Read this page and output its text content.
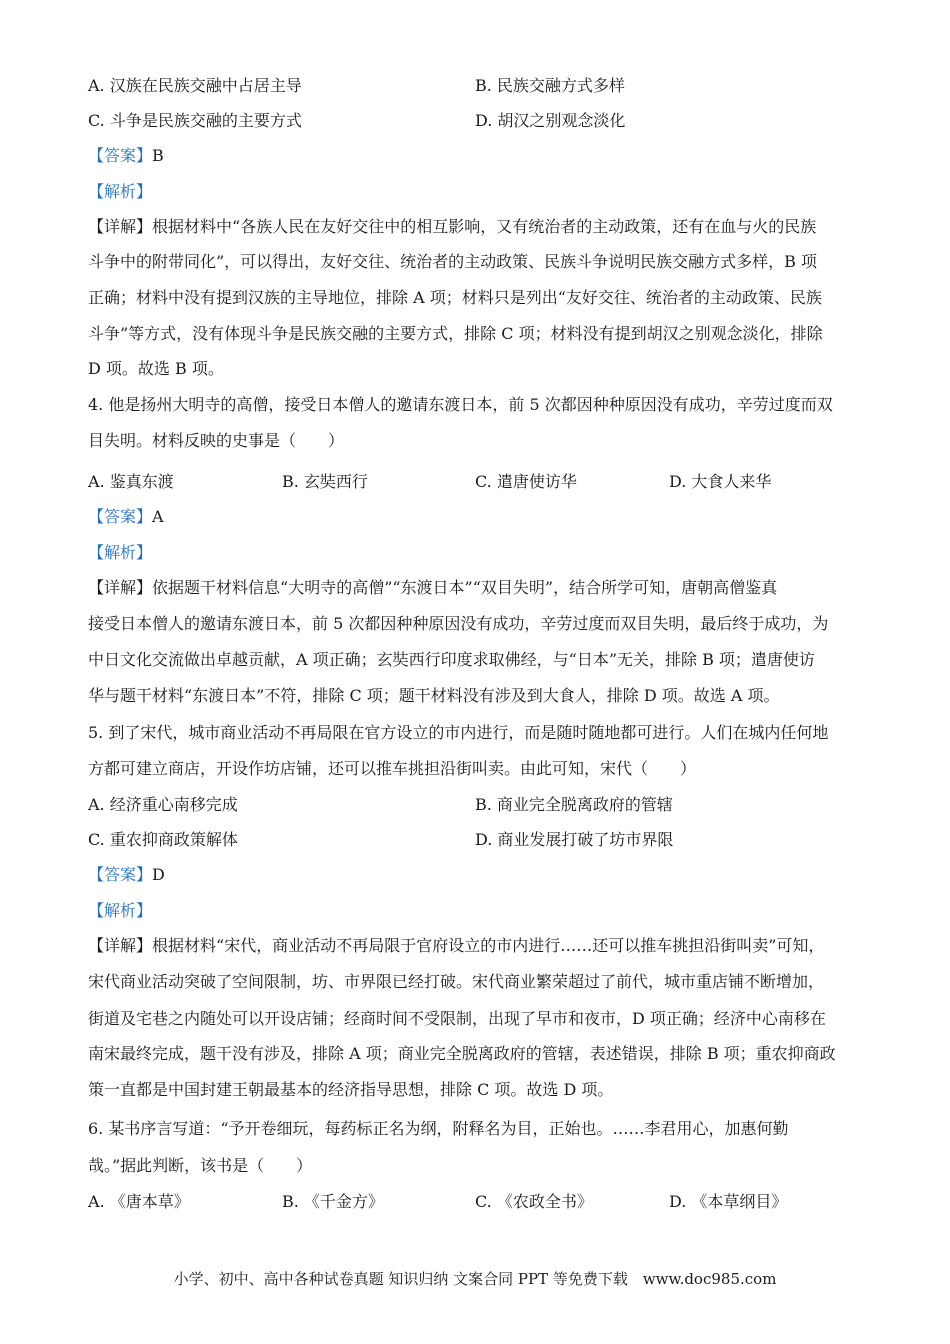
A. 汉族在民族交融中占居主导	B. 民族交融方式多样
C. 斗争是民族交融的主要方式	D. 胡汉之别观念淡化
【答案】B
【解析】
【详解】根据材料中“各族人民在友好交往中的相互影响，又有统治者的主动政策，还有在血与火的民族
斗争中的附带同化”，可以得出，友好交往、统治者的主动政策、民族斗争说明民族交融方式多样，B 项
正确；材料中没有提到汉族的主导地位，排除 A 项；材料只是列出“友好交往、统治者的主动政策、民族
斗争”等方式，没有体现斗争是民族交融的主要方式，排除 C 项；材料没有提到胡汉之别观念淡化，排除
D 项。故选 B 项。
4. 他是扬州大明寺的高僧，接受日本僧人的邀请东渡日本，前 5 次都因种种原因没有成功，辛劳过度而双
目失明。材料反映的史事是（　　）
A. 鉴真东渡	B. 玄奘西行	C. 遣唐使访华	D. 大食人来华
【答案】A
【解析】
【详解】依据题干材料信息“大明寺的高僧”“东渡日本”“双目失明”，结合所学可知，唐朝高僧鉴真
接受日本僧人的邀请东渡日本，前 5 次都因种种原因没有成功，辛劳过度而双目失明，最后终于成功，为
中日文化交流做出卓越贡献，A 项正确；玄奘西行印度求取佛经，与“日本”无关，排除 B 项；遣唐使访
华与题干材料“东渡日本”不符，排除 C 项；题干材料没有涉及到大食人，排除 D 项。故选 A 项。
5. 到了宋代，城市商业活动不再局限在官方设立的市内进行，而是随时随地都可进行。人们在城内任何地
方都可建立商店，开设作坊店铺，还可以推车挑担沿街叫卖。由此可知，宋代（　　）
A. 经济重心南移完成	B. 商业完全脱离政府的管辖
C. 重农抑商政策解体	D. 商业发展打破了坊市界限
【答案】D
【解析】
【详解】根据材料“宋代，商业活动不再局限于官府设立的市内进行……还可以推车挑担沿街叫卖”可知，
宋代商业活动突破了空间限制，坊、市界限已经打破。宋代商业繁荣超过了前代，城市重店铺不断增加，
街道及宅巷之内随处可以开设店铺；经商时间不受限制，出现了早市和夜市，D 项正确；经济中心南移在
南宋最终完成，题干没有涉及，排除 A 项；商业完全脱离政府的管辖，表述错误，排除 B 项；重农抑商政
策一直都是中国封建王朝最基本的经济指导思想，排除 C 项。故选 D 项。
6. 某书序言写道：“予开卷细玩，每药标正名为纲，附释名为目，正始也。……李君用心，加惠何勤
哉。”据此判断，该书是（　　）
A. 《唐本草》	B. 《千金方》	C. 《农政全书》	D. 《本草纲目》
小学、初中、高中各种试卷真题 知识归纳 文案合同 PPT 等免费下载　www.doc985.com
